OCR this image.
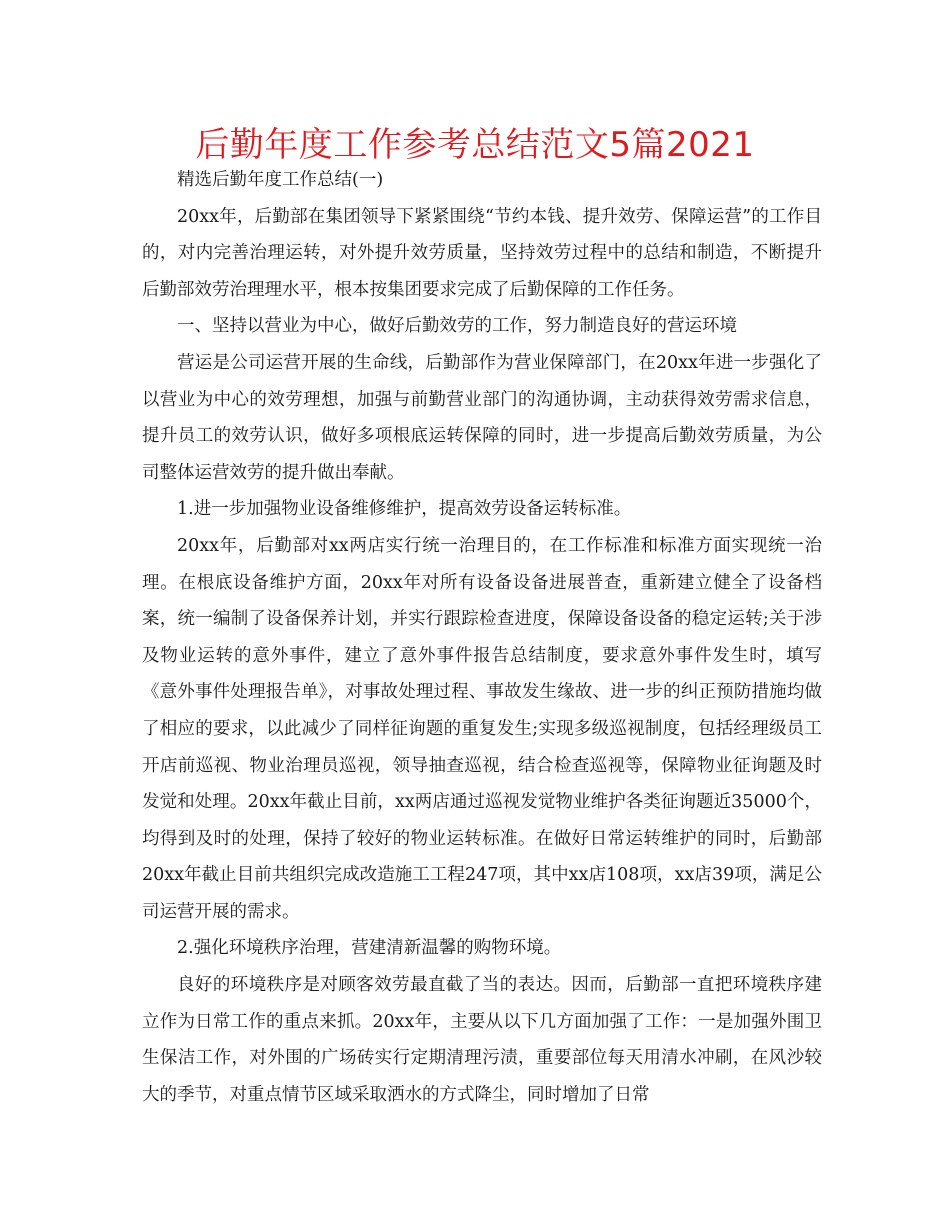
后勤年度工作参考总结范文5篇2021

精选后勤年度工作总结(一)

20xx年，后勤部在集团领导下紧紧围绕“节约本钱、提升效劳、保障运营”的工作目的，对内完善治理运转，对外提升效劳质量，坚持效劳过程中的总结和制造，不断提升后勤部效劳治理理水平，根本按集团要求完成了后勤保障的工作任务。

一、坚持以营业为中心，做好后勤效劳的工作，努力制造良好的营运环境

营运是公司运营开展的生命线，后勤部作为营业保障部门，在20xx年进一步强化了以营业为中心的效劳理想，加强与前勤营业部门的沟通协调，主动获得效劳需求信息，提升员工的效劳认识，做好多项根底运转保障的同时，进一步提高后勤效劳质量，为公司整体运营效劳的提升做出奉献。

1.进一步加强物业设备维修维护，提高效劳设备运转标准。

20xx年，后勤部对xx两店实行统一治理目的，在工作标准和标准方面实现统一治理。在根底设备维护方面，20xx年对所有设备设备进展普查，重新建立健全了设备档案，统一编制了设备保养计划，并实行跟踪检查进度，保障设备设备的稳定运转;关于涉及物业运转的意外事件，建立了意外事件报告总结制度，要求意外事件发生时，填写《意外事件处理报告单》，对事故处理过程、事故发生缘故、进一步的纠正预防措施均做了相应的要求，以此减少了同样征询题的重复发生;实现多级巡视制度，包括经理级员工开店前巡视、物业治理员巡视，领导抽查巡视，结合检查巡视等，保障物业征询题及时发觉和处理。20xx年截止目前，xx两店通过巡视发觉物业维护各类征询题近35000个，均得到及时的处理，保持了较好的物业运转标准。在做好日常运转维护的同时，后勤部20xx年截止目前共组织完成改造施工工程247项，其中xx店108项，xx店39项，满足公司运营开展的需求。

2.强化环境秩序治理，营建清新温馨的购物环境。

良好的环境秩序是对顾客效劳最直截了当的表达。因而，后勤部一直把环境秩序建立作为日常工作的重点来抓。20xx年，主要从以下几方面加强了工作：一是加强外围卫生保洁工作，对外围的广场砖实行定期清理污渍，重要部位每天用清水冲刷，在风沙较大的季节，对重点情节区域采取洒水的方式降尘，同时增加了日常
